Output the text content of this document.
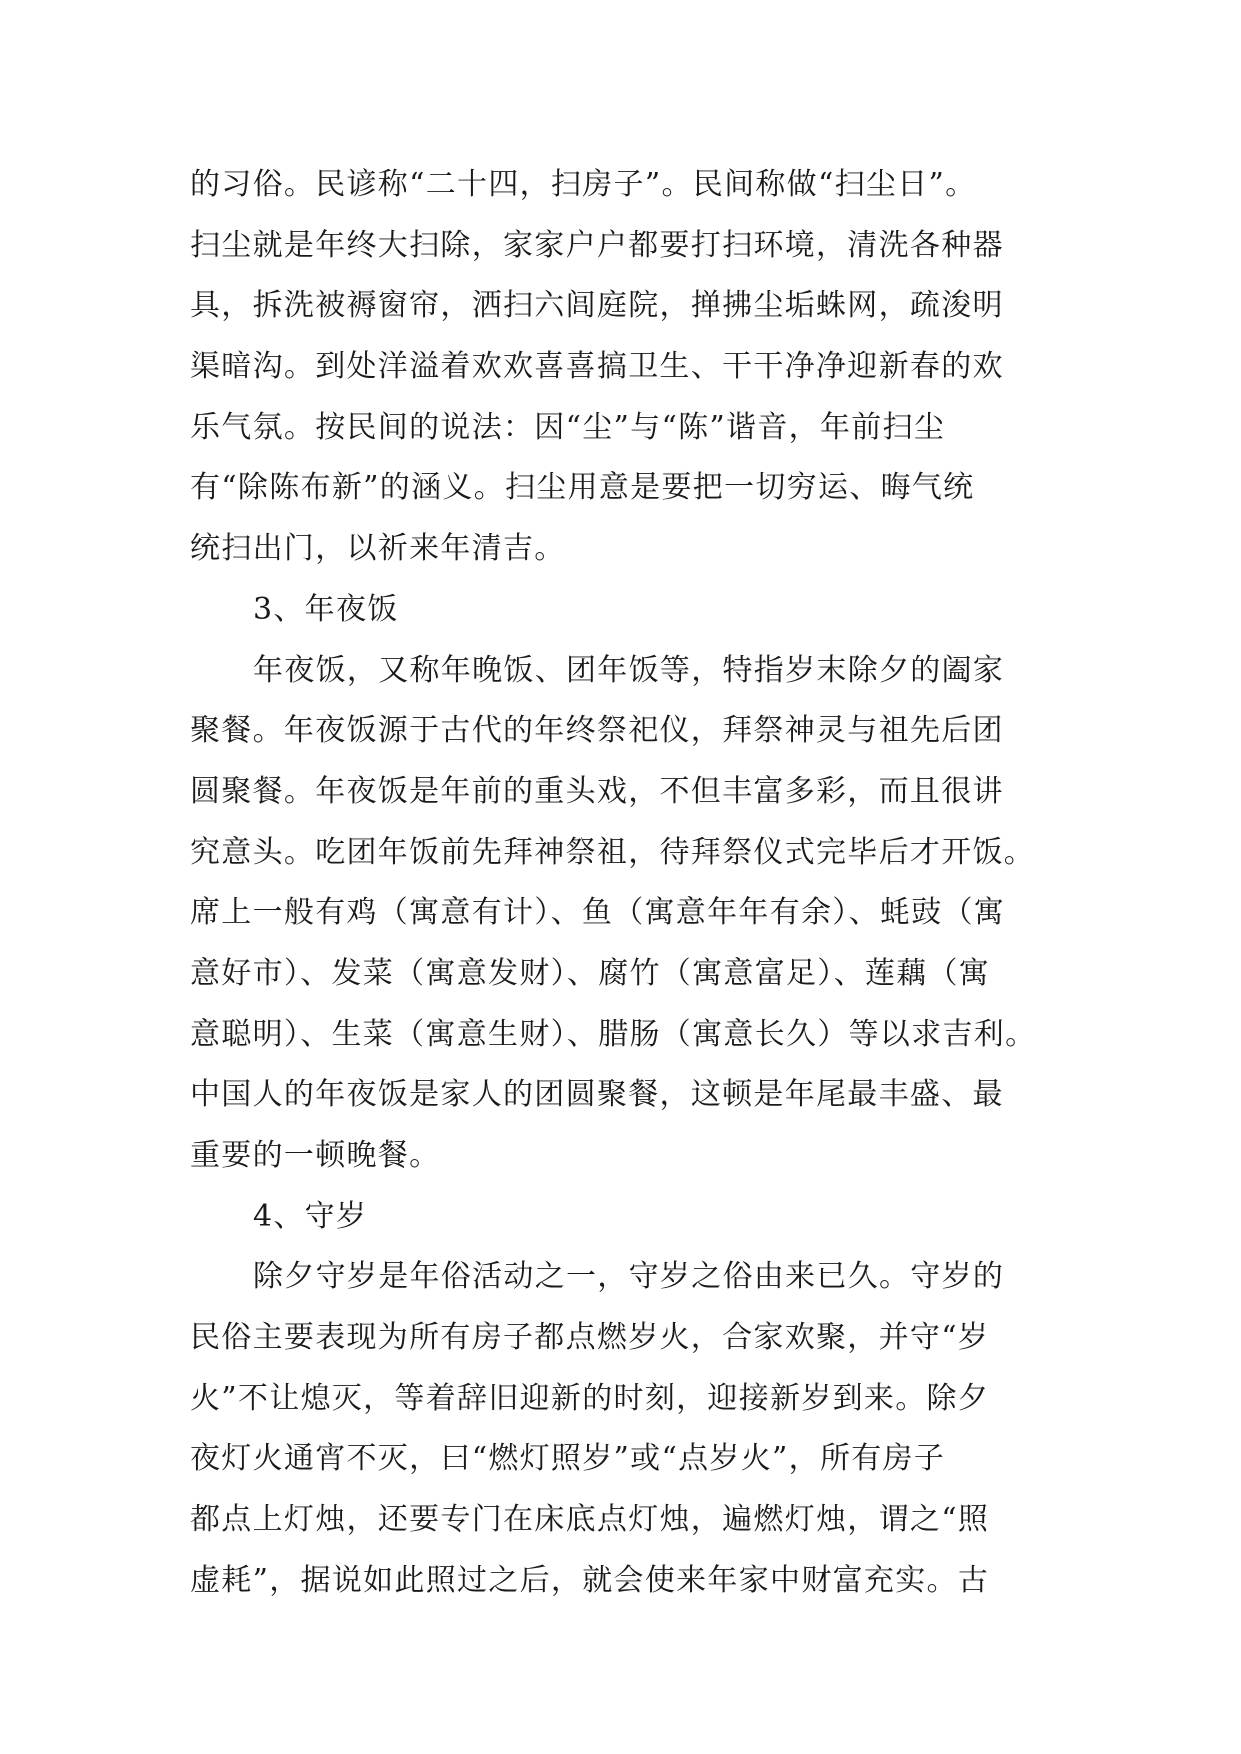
的习俗。民谚称“二十四，扫房子”。民间称做“扫尘日”。
扫尘就是年终大扫除，家家户户都要打扫环境，清洗各种器
具，拆洗被褥窗帘，洒扫六闾庭院，掸拂尘垢蛛网，疏浚明
渠暗沟。到处洋溢着欢欢喜喜搞卫生、干干净净迎新春的欢
乐气氛。按民间的说法：因“尘”与“陈”谐音，年前扫尘
有“除陈布新”的涵义。扫尘用意是要把一切穷运、晦气统
统扫出门，以祈来年清吉。
3、年夜饭
年夜饭，又称年晚饭、团年饭等，特指岁末除夕的阖家
聚餐。年夜饭源于古代的年终祭祀仪，拜祭神灵与祖先后团
圆聚餐。年夜饭是年前的重头戏，不但丰富多彩，而且很讲
究意头。吃团年饭前先拜神祭祖，待拜祭仪式完毕后才开饭。
席上一般有鸡（寓意有计）、鱼（寓意年年有余）、蚝豉（寓
意好市）、发菜（寓意发财）、腐竹（寓意富足）、莲藕（寓
意聪明）、生菜（寓意生财）、腊肠（寓意长久）等以求吉利。
中国人的年夜饭是家人的团圆聚餐，这顿是年尾最丰盛、最
重要的一顿晚餐。
4、守岁
除夕守岁是年俗活动之一，守岁之俗由来已久。守岁的
民俗主要表现为所有房子都点燃岁火，合家欢聚，并守“岁
火”不让熄灭，等着辞旧迎新的时刻，迎接新岁到来。除夕
夜灯火通宵不灭，曰“燃灯照岁”或“点岁火”，所有房子
都点上灯烛，还要专门在床底点灯烛，遍燃灯烛，谓之“照
虚耗”，据说如此照过之后，就会使来年家中财富充实。古
